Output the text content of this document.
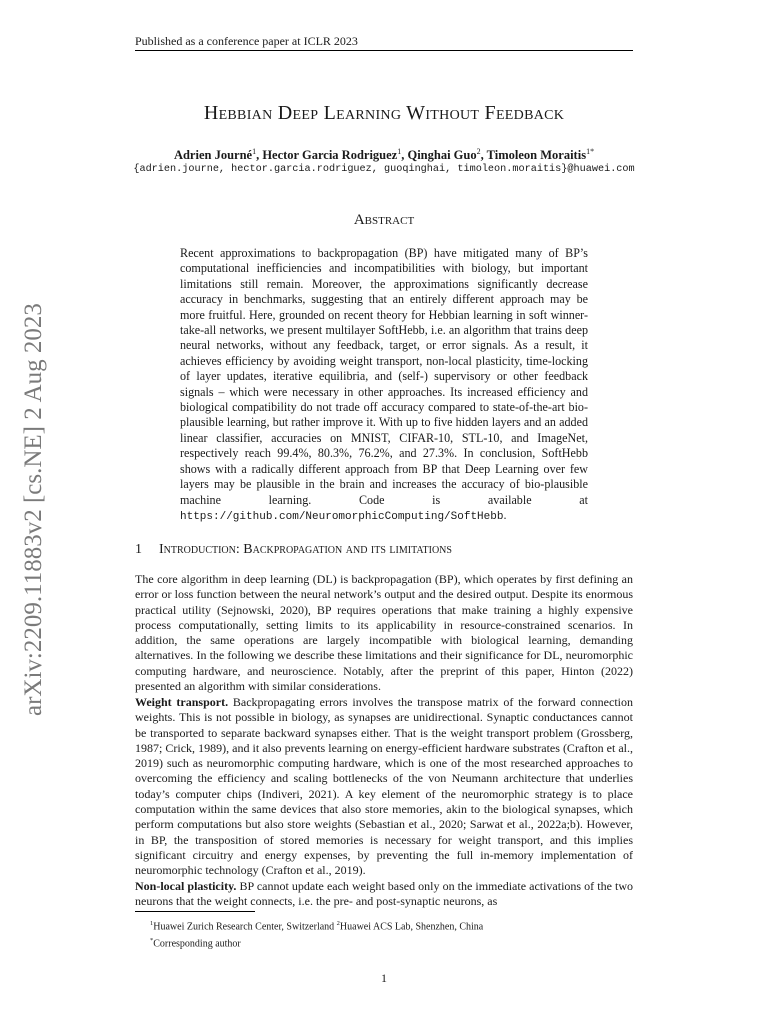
Published as a conference paper at ICLR 2023
Hebbian Deep Learning Without Feedback
Adrien Journé$^1$, Hector Garcia Rodriguez$^1$, Qinghai Guo$^2$, Timoleon Moraitis$^{1*}$
{adrien.journe, hector.garcia.rodriguez, guoqinghai, timoleon.moraitis}@huawei.com
Abstract
Recent approximations to backpropagation (BP) have mitigated many of BP’s computational inefficiencies and incompatibilities with biology, but important limitations still remain. Moreover, the approximations significantly decrease accuracy in benchmarks, suggesting that an entirely different approach may be more fruitful. Here, grounded on recent theory for Hebbian learning in soft winner-take-all networks, we present multilayer SoftHebb, i.e. an algorithm that trains deep neural networks, without any feedback, target, or error signals. As a result, it achieves efficiency by avoiding weight transport, non-local plasticity, time-locking of layer updates, iterative equilibria, and (self-) supervisory or other feedback signals – which were necessary in other approaches. Its increased efficiency and biological compatibility do not trade off accuracy compared to state-of-the-art bio-plausible learning, but rather improve it. With up to five hidden layers and an added linear classifier, accuracies on MNIST, CIFAR-10, STL-10, and ImageNet, respectively reach 99.4%, 80.3%, 76.2%, and 27.3%. In conclusion, SoftHebb shows with a radically different approach from BP that Deep Learning over few layers may be plausible in the brain and increases the accuracy of bio-plausible machine learning. Code is available at https://github.com/NeuromorphicComputing/SoftHebb.
arXiv:2209.11883v2 [cs.NE] 2 Aug 2023	1 Introduction: Backpropagation and its limitations
The core algorithm in deep learning (DL) is backpropagation (BP), which operates by first defining an error or loss function between the neural network’s output and the desired output. Despite its enormous practical utility (Sejnowski, 2020), BP requires operations that make training a highly expensive process computationally, setting limits to its applicability in resource-constrained scenarios. In addition, the same operations are largely incompatible with biological learning, demanding alternatives. In the following we describe these limitations and their significance for DL, neuromorphic computing hardware, and neuroscience. Notably, after the preprint of this paper, Hinton (2022) presented an algorithm with similar considerations.
Weight transport. Backpropagating errors involves the transpose matrix of the forward connection weights. This is not possible in biology, as synapses are unidirectional. Synaptic conductances cannot be transported to separate backward synapses either. That is the weight transport problem (Grossberg, 1987; Crick, 1989), and it also prevents learning on energy-efficient hardware substrates (Crafton et al., 2019) such as neuromorphic computing hardware, which is one of the most researched approaches to overcoming the efficiency and scaling bottlenecks of the von Neumann architecture that underlies today’s computer chips (Indiveri, 2021). A key element of the neuromorphic strategy is to place computation within the same devices that also store memories, akin to the biological synapses, which perform computations but also store weights (Sebastian et al., 2020; Sarwat et al., 2022a;b). However, in BP, the transposition of stored memories is necessary for weight transport, and this implies significant circuitry and energy expenses, by preventing the full in-memory implementation of neuromorphic technology (Crafton et al., 2019).
Non-local plasticity. BP cannot update each weight based only on the immediate activations of the two neurons that the weight connects, i.e. the pre- and post-synaptic neurons, as
$^1$Huawei Zurich Research Center, Switzerland $^2$Huawei ACS Lab, Shenzhen, China
*Corresponding author
1
